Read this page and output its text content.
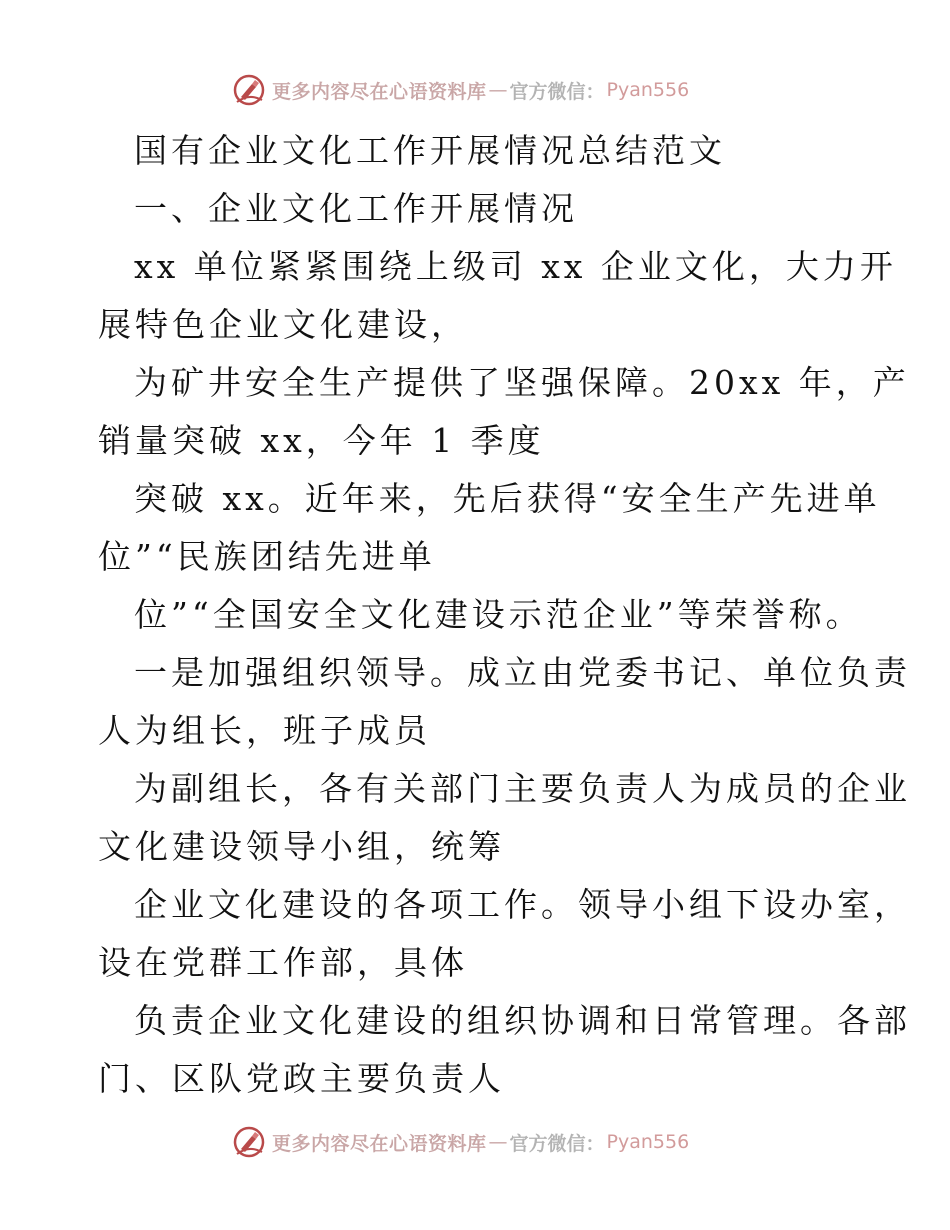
更多内容尽在心语资料库 — 官方微信： Pyan556
国有企业文化工作开展情况总结范文
一、企业文化工作开展情况
xx 单位紧紧围绕上级司 xx 企业文化，大力开
展特色企业文化建设，
为矿井安全生产提供了坚强保障。20xx 年，产
销量突破 xx，今年 1 季度
突破 xx。近年来，先后获得“安全生产先进单
位”“民族团结先进单
位”“全国安全文化建设示范企业”等荣誉称。
一是加强组织领导。成立由党委书记、单位负责
人为组长，班子成员
为副组长，各有关部门主要负责人为成员的企业
文化建设领导小组，统筹
企业文化建设的各项工作。领导小组下设办室，
设在党群工作部，具体
负责企业文化建设的组织协调和日常管理。各部
门、区队党政主要负责人
更多内容尽在心语资料库 — 官方微信： Pyan556
